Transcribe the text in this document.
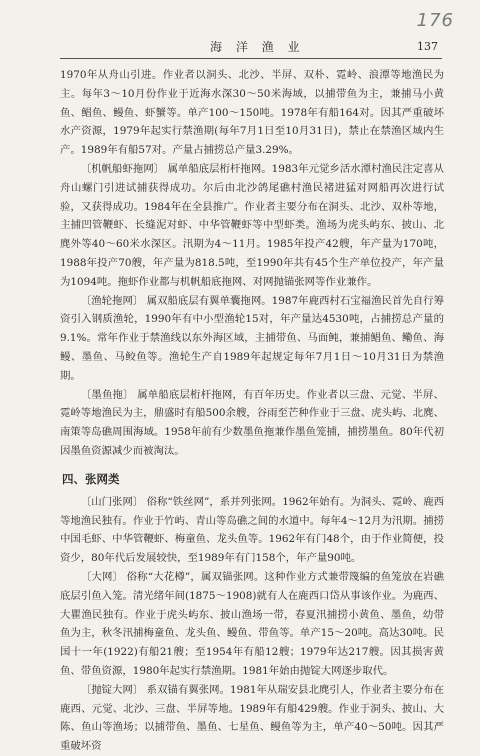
176
海 洋 渔 业	137

1970年从舟山引进。作业者以洞头、北沙、半屏、双朴、霓岭、浪潭等地渔民为主。每年3～10月份作业于近海水深30～50米海域，以捕带鱼为主，兼捕马小黄鱼、鲳鱼、鳗鱼、虾蟹等。单产100～150吨。1978年有船164对。因其严重破坏水产资源，1979年起实行禁渔期(每年7月1日至10月31日)，禁止在禁渔区域内生产。1989年有船57对。产量占捕捞总产量3.29%。

〔机帆船虾拖网〕 属单船底层桁杆拖网。1983年元觉乡活水潭村渔民注定喜从舟山螺门引进试捕获得成功。尔后由北沙鸽尾礁村渔民褚进猛对网船再次进行试验，又获得成功。1984年在全县推广。作业者主要分布在洞头、北沙、双朴等地，主捕凹管鞭虾、长缝泥对虾、中华管鞭虾等中型虾类。渔场为虎头屿东、披山、北麂外等40～60米水深区。汛期为4～11月。1985年投产42艘，年产量为170吨，1988年投产70艘，年产量为818.5吨，至1990年共有45个生产单位投产，年产量为1094吨。拖虾作业都与机帆船底拖网、对网抛锚张网等作业兼作。

〔渔轮拖网〕 属双船底层有翼单囊拖网。1987年鹿西村石宝福渔民首先自行筹资引入钢质渔轮，1990年有中小型渔轮15对，年产量达4530吨，占捕捞总产量的9.1%。常年作业于禁渔线以东外海区域，主捕带鱼、马面鲀，兼捕鲳鱼、鳓鱼、海鳗、墨鱼、马鲛鱼等。渔轮生产自1989年起规定每年7月1日～10月31日为禁渔期。

〔墨鱼拖〕 属单船底层桁杆拖网，有百年历史。作业者以三盘、元觉、半屏、霓岭等地渔民为主，鼎盛时有船500余艘，谷雨至芒种作业于三盘、虎头屿、北麂、南策等岛礁周围海域。1958年前有少数墨鱼拖兼作墨鱼笼捕，捕捞墨鱼。80年代初因墨鱼资源减少而被淘汰。

四、张网类

〔山门张网〕 俗称“铁丝网”，系并列张网。1962年始有。为洞头、霓岭、鹿西等地渔民独有。作业于竹屿、青山等岛礁之间的水道中。每年4～12月为汛期。捕捞中国毛虾、中华管鞭虾、梅童鱼、龙头鱼等。1962年有门48个，由于作业简便，投资少，80年代后发展较快，至1989年有门158个，年产量90吨。

〔大网〕 俗称“大花樽”，属双锚张网。这种作业方式兼带篾编的鱼笼放在岩礁底层引鱼入笼。清光绪年间(1875～1908)就有人在鹿西口岱从事该作业。为鹿西、大瞿渔民独有。作业于虎头屿东、披山渔场一带，春夏汛捕捞小黄鱼、墨鱼，幼带鱼为主，秋冬汛捕梅童鱼、龙头鱼、鳗鱼、带鱼等。单产15～20吨。高达30吨。民国十一年(1922)有船21艘；至1954年有船12艘；1979年达217艘。因其损害黄鱼、带鱼资源，1980年起实行禁渔期。1981年始由抛锭大网逐步取代。

〔抛锭大网〕 系双锚有翼张网。1981年从瑞安县北麂引人，作业者主要分布在鹿西、元觉、北沙、三盘、半屏等地。1989年有船429艘。作业于洞头、披山、大陈、鱼山等渔场；以捕带鱼、墨鱼、七星鱼、鳗鱼等为主，单产40～50吨。因其严重破坏资
